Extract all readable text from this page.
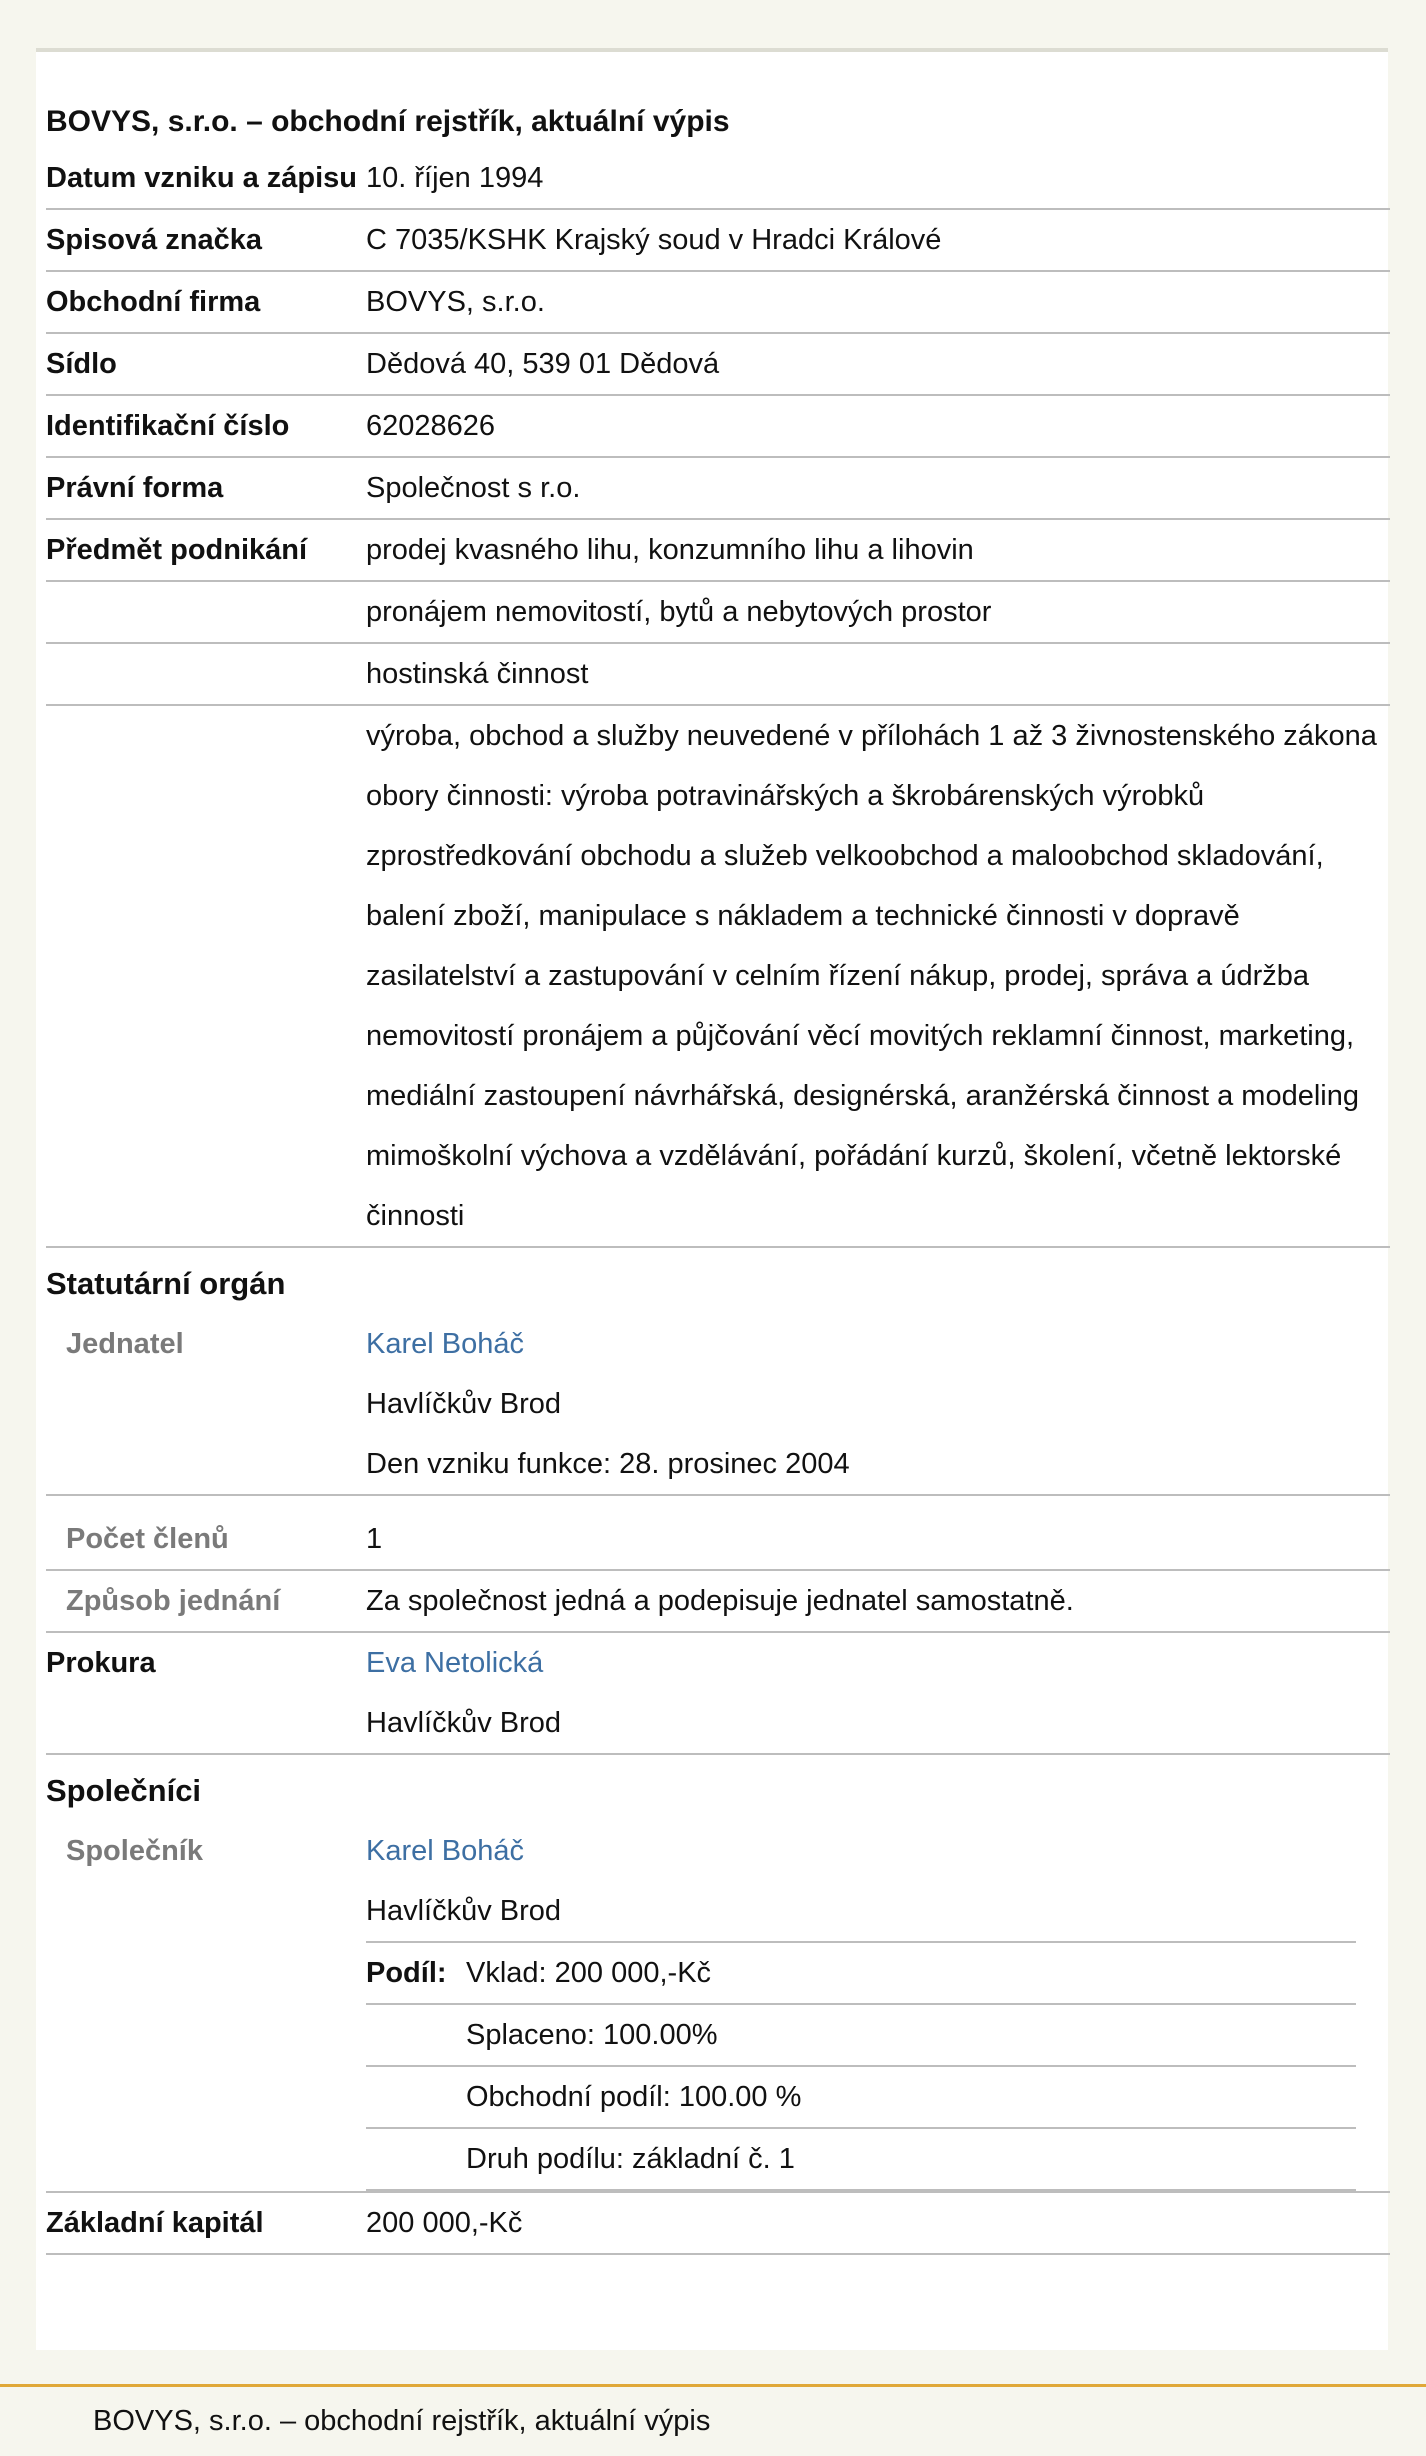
BOVYS, s.r.o. – obchodní rejstřík, aktuální výpis
Datum vzniku a zápisu	10. říjen 1994
Spisová značka	C 7035/KSHK Krajský soud v Hradci Králové
Obchodní firma	BOVYS, s.r.o.
Sídlo	Dědová 40, 539 01 Dědová
Identifikační číslo	62028626
Právní forma	Společnost s r.o.
Předmět podnikání	prodej kvasného lihu, konzumního lihu a lihovin
	pronájem nemovitostí, bytů a nebytových prostor
	hostinská činnost
	výroba, obchod a služby neuvedené v přílohách 1 až 3 živnostenského zákona obory činnosti: výroba potravinářských a škrobárenských výrobků zprostředkování obchodu a služeb velkoobchod a maloobchod skladování, balení zboží, manipulace s nákladem a technické činnosti v dopravě zasilatelství a zastupování v celním řízení nákup, prodej, správa a údržba nemovitostí pronájem a půjčování věcí movitých reklamní činnost, marketing, mediální zastoupení návrhářská, designérská, aranžérská činnost a modeling mimoškolní výchova a vzdělávání, pořádání kurzů, školení, včetně lektorské činnosti
Statutární orgán
Jednatel	Karel Boháč
	Havlíčkův Brod
	Den vzniku funkce: 28. prosinec 2004

Počet členů	1
Způsob jednání	Za společnost jedná a podepisuje jednatel samostatně.
Prokura	Eva Netolická
	Havlíčkův Brod
Společníci
Společník	Karel Boháč
	Havlíčkův Brod

Podíl:	Vklad: 200 000,-Kč
	Splaceno: 100.00%
	Obchodní podíl: 100.00 %
	Druh podílu: základní č. 1

Základní kapitál	200 000,-Kč
BOVYS, s.r.o. – obchodní rejstřík, aktuální výpis
